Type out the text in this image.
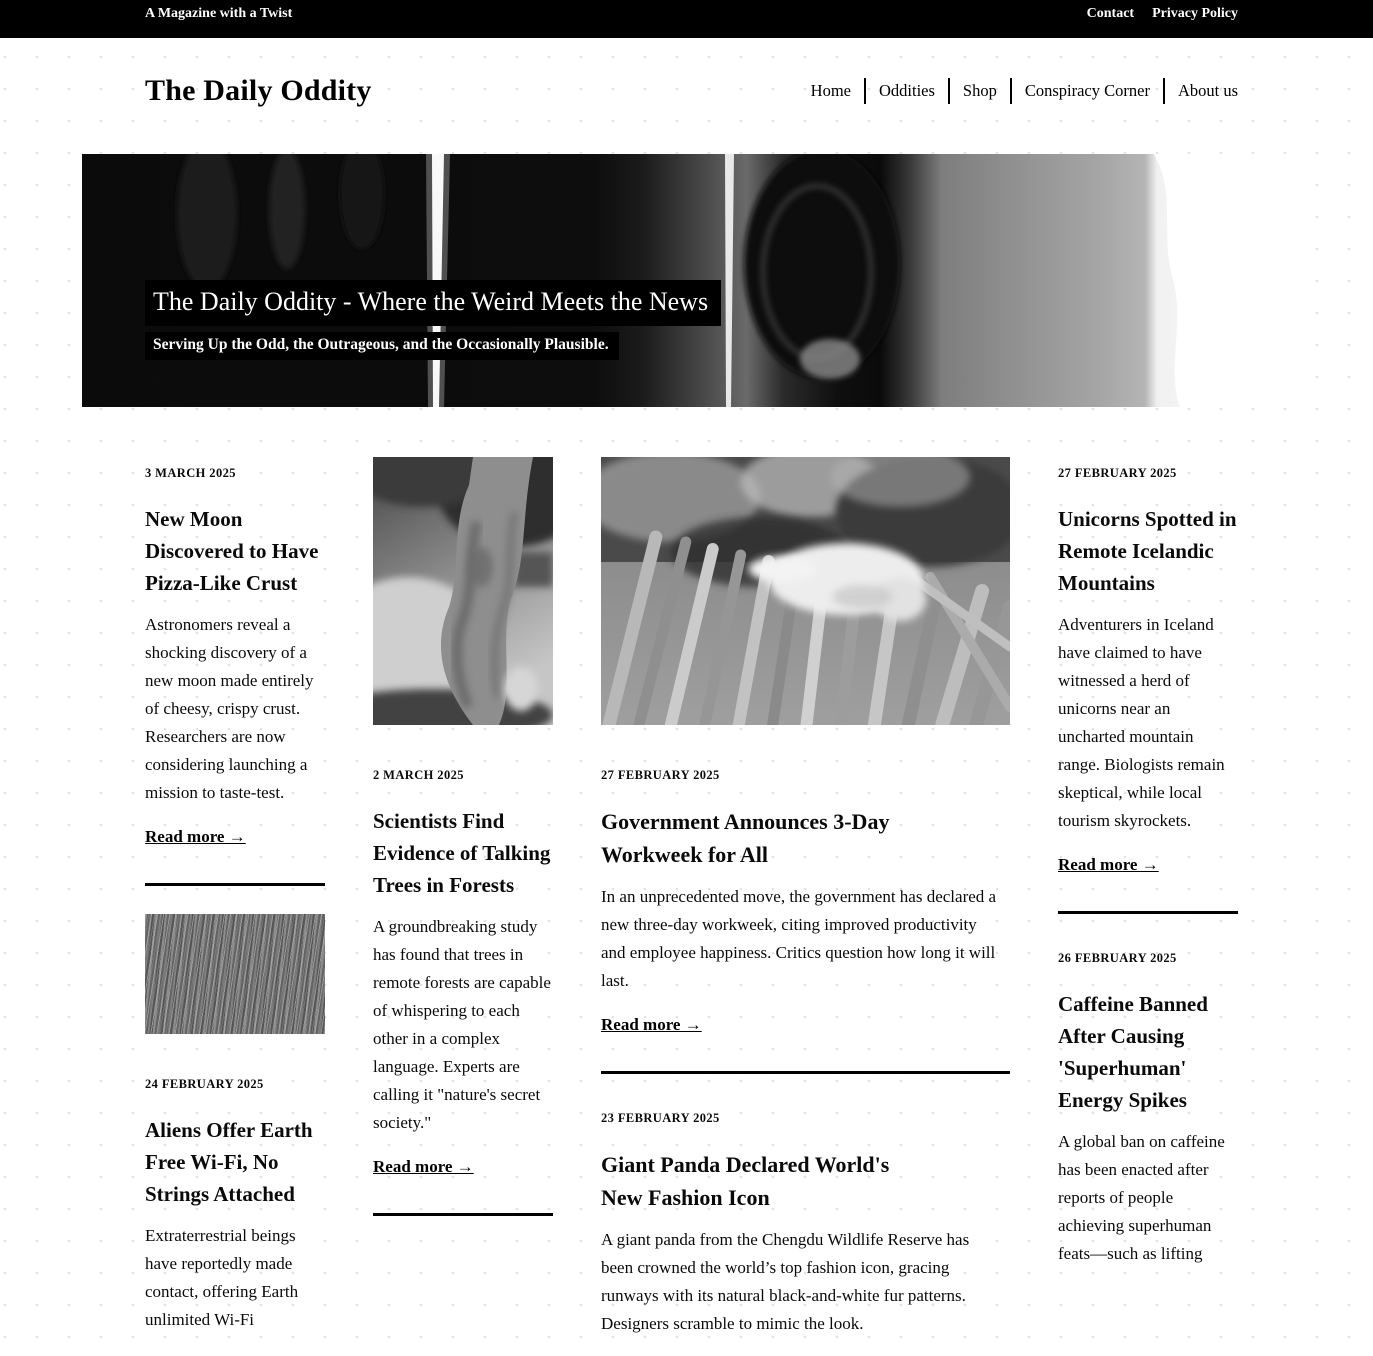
A Magazine with a Twist	Contact Privacy Policy
The Daily Oddity	Home	Oddities	Shop	Conspiracy Corner	About us
The Daily Oddity - Where the Weird Meets the News

Serving Up the Odd, the Outrageous, and the Occasionally Plausible.

3 MARCH 2025

New Moon Discovered to Have Pizza-Like Crust

Astronomers reveal a shocking discovery of a new moon made entirely of cheesy, crispy crust. Researchers are now considering launching a mission to taste-test.

Read more →

24 FEBRUARY 2025

Aliens Offer Earth Free Wi-Fi, No Strings Attached

Extraterrestrial beings have reportedly made contact, offering Earth unlimited Wi-Fi

2 MARCH 2025

Scientists Find Evidence of Talking Trees in Forests

A groundbreaking study has found that trees in remote forests are capable of whispering to each other in a complex language. Experts are calling it "nature's secret society."

Read more →

27 FEBRUARY 2025

Government Announces 3-Day Workweek for All

In an unprecedented move, the government has declared a new three-day workweek, citing improved productivity and employee happiness. Critics question how long it will last.

Read more →

23 FEBRUARY 2025

Giant Panda Declared World's New Fashion Icon

A giant panda from the Chengdu Wildlife Reserve has been crowned the world’s top fashion icon, gracing runways with its natural black-and-white fur patterns. Designers scramble to mimic the look.

27 FEBRUARY 2025

Unicorns Spotted in Remote Icelandic Mountains

Adventurers in Iceland have claimed to have witnessed a herd of unicorns near an uncharted mountain range. Biologists remain skeptical, while local tourism skyrockets.

Read more →

26 FEBRUARY 2025

Caffeine Banned After Causing 'Superhuman' Energy Spikes

A global ban on caffeine has been enacted after reports of people achieving superhuman feats—such as lifting
